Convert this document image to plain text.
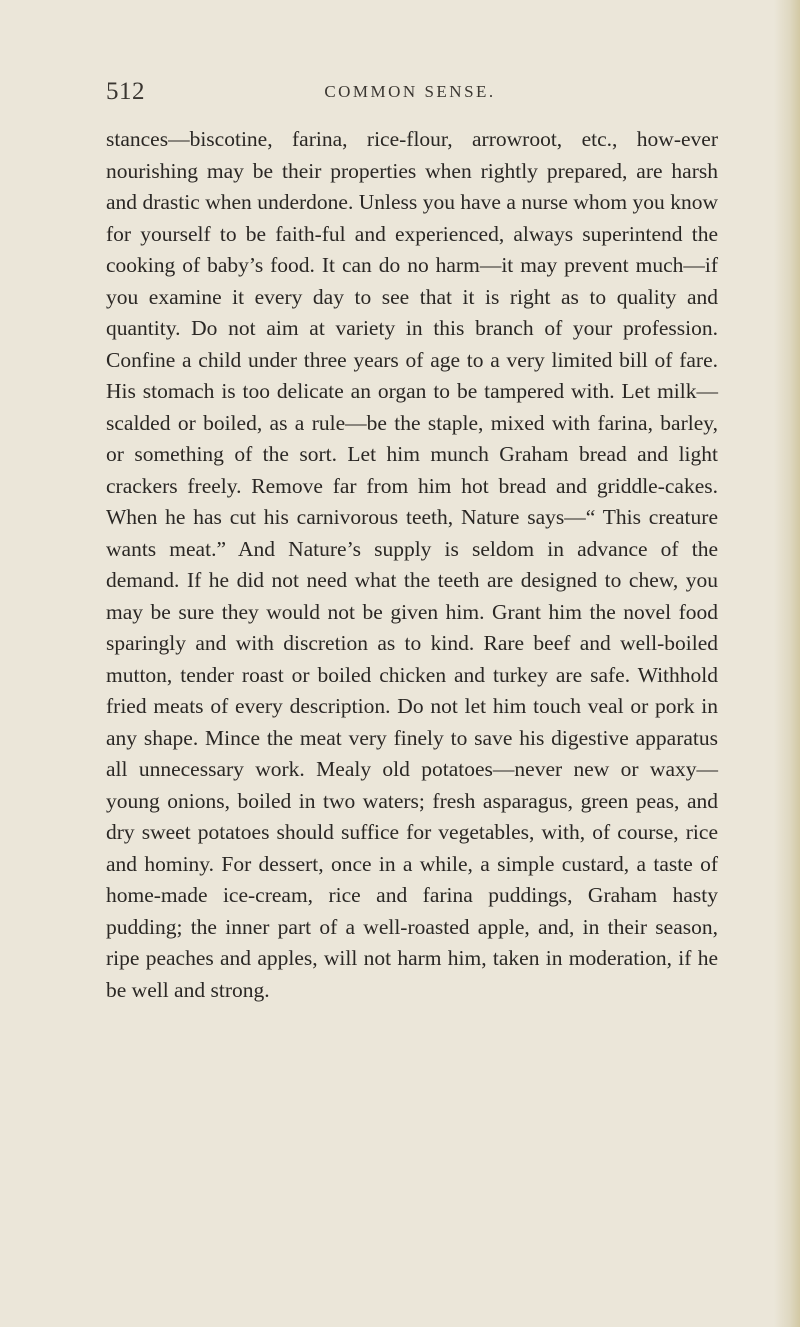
512	COMMON SENSE.

stances—biscotine, farina, rice-flour, arrowroot, etc., how-ever nourishing may be their properties when rightly prepared, are harsh and drastic when underdone. Unless you have a nurse whom you know for yourself to be faith-ful and experienced, always superintend the cooking of baby’s food. It can do no harm—it may prevent much—if you examine it every day to see that it is right as to quality and quantity. Do not aim at variety in this branch of your profession. Confine a child under three years of age to a very limited bill of fare. His stomach is too delicate an organ to be tampered with. Let milk—scalded or boiled, as a rule—be the staple, mixed with farina, barley, or something of the sort. Let him munch Graham bread and light crackers freely. Remove far from him hot bread and griddle-cakes. When he has cut his carnivorous teeth, Nature says—“ This creature wants meat.” And Nature’s supply is seldom in advance of the demand. If he did not need what the teeth are designed to chew, you may be sure they would not be given him. Grant him the novel food sparingly and with discretion as to kind. Rare beef and well-boiled mutton, tender roast or boiled chicken and turkey are safe. Withhold fried meats of every description. Do not let him touch veal or pork in any shape. Mince the meat very finely to save his digestive apparatus all unnecessary work. Mealy old potatoes—never new or waxy—young onions, boiled in two waters; fresh asparagus, green peas, and dry sweet potatoes should suffice for vegetables, with, of course, rice and hominy. For dessert, once in a while, a simple custard, a taste of home-made ice-cream, rice and farina puddings, Graham hasty pudding; the inner part of a well-roasted apple, and, in their season, ripe peaches and apples, will not harm him, taken in moderation, if he be well and strong.
